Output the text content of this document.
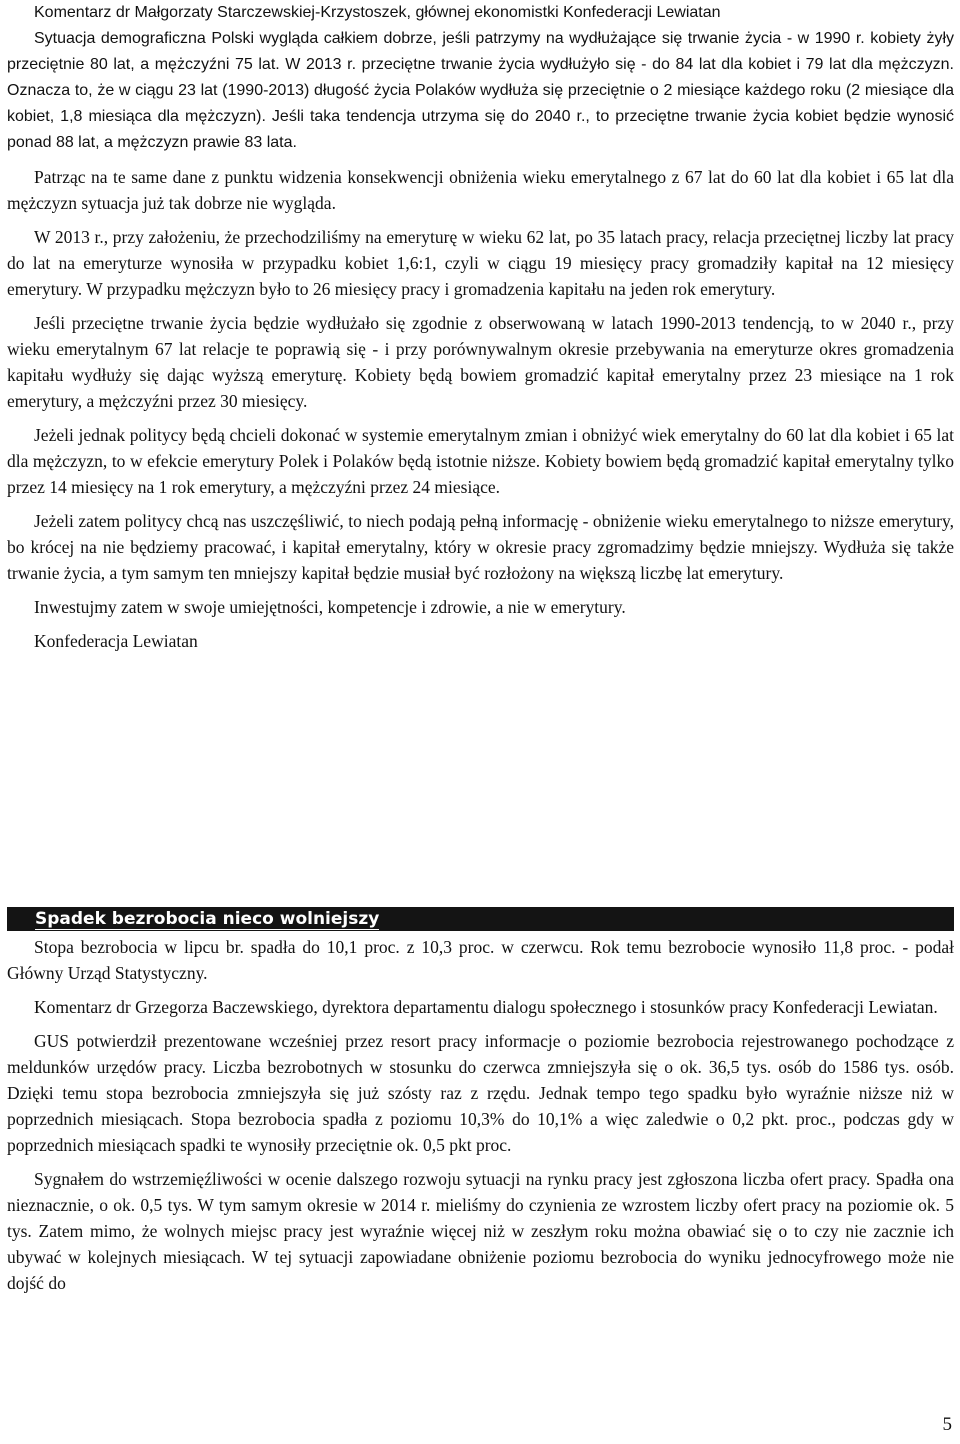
Komentarz dr Małgorzaty Starczewskiej-Krzystoszek, głównej ekonomistki Konfederacji Lewiatan

Sytuacja demograficzna Polski wygląda całkiem dobrze, jeśli patrzymy na wydłużające się trwanie życia - w 1990 r. kobiety żyły przeciętnie 80 lat, a mężczyźni 75 lat. W 2013 r. przeciętne trwanie życia wydłużyło się - do 84 lat dla kobiet i 79 lat dla mężczyzn. Oznacza to, że w ciągu 23 lat (1990-2013) długość życia Polaków wydłuża się przeciętnie o 2 miesiące każdego roku (2 miesiące dla kobiet, 1,8 miesiąca dla mężczyzn). Jeśli taka tendencja utrzyma się do 2040 r., to przeciętne trwanie życia kobiet będzie wynosić ponad 88 lat, a mężczyzn prawie 83 lata.

Patrząc na te same dane z punktu widzenia konsekwencji obniżenia wieku emerytalnego z 67 lat do 60 lat dla kobiet i 65 lat dla mężczyzn sytuacja już tak dobrze nie wygląda.

W 2013 r., przy założeniu, że przechodziliśmy na emeryturę w wieku 62 lat, po 35 latach pracy, relacja przeciętnej liczby lat pracy do lat na emeryturze wynosiła w przypadku kobiet 1,6:1, czyli w ciągu 19 miesięcy pracy gromadziły kapitał na 12 miesięcy emerytury. W przypadku mężczyzn było to 26 miesięcy pracy i gromadzenia kapitału na jeden rok emerytury.

Jeśli przeciętne trwanie życia będzie wydłużało się zgodnie z obserwowaną w latach 1990-2013 tendencją, to w 2040 r., przy wieku emerytalnym 67 lat relacje te poprawią się - i przy porównywalnym okresie przebywania na emeryturze okres gromadzenia kapitału wydłuży się dając wyższą emeryturę. Kobiety będą bowiem gromadzić kapitał emerytalny przez 23 miesiące na 1 rok emerytury, a mężczyźni przez 30 miesięcy.

Jeżeli jednak politycy będą chcieli dokonać w systemie emerytalnym zmian i obniżyć wiek emerytalny do 60 lat dla kobiet i 65 lat dla mężczyzn, to w efekcie emerytury Polek i Polaków będą istotnie niższe. Kobiety bowiem będą gromadzić kapitał emerytalny tylko przez 14 miesięcy na 1 rok emerytury, a mężczyźni przez 24 miesiące.

Jeżeli zatem politycy chcą nas uszczęśliwić, to niech podają pełną informację - obniżenie wieku emerytalnego to niższe emerytury, bo krócej na nie będziemy pracować, i kapitał emerytalny, który w okresie pracy zgromadzimy będzie mniejszy. Wydłuża się także trwanie życia, a tym samym ten mniejszy kapitał będzie musiał być rozłożony na większą liczbę lat emerytury.

Inwestujmy zatem w swoje umiejętności, kompetencje i zdrowie, a nie w emerytury.

Konfederacja Lewiatan

Spadek bezrobocia nieco wolniejszy

Stopa bezrobocia w lipcu br. spadła do 10,1 proc. z 10,3 proc. w czerwcu. Rok temu bezrobocie wynosiło 11,8 proc. - podał Główny Urząd Statystyczny.

Komentarz dr Grzegorza Baczewskiego, dyrektora departamentu dialogu społecznego i stosunków pracy Konfederacji Lewiatan.

GUS potwierdził prezentowane wcześniej przez resort pracy informacje o poziomie bezrobocia rejestrowanego pochodzące z meldunków urzędów pracy. Liczba bezrobotnych w stosunku do czerwca zmniejszyła się o ok. 36,5 tys. osób do 1586 tys. osób. Dzięki temu stopa bezrobocia zmniejszyła się już szósty raz z rzędu. Jednak tempo tego spadku było wyraźnie niższe niż w poprzednich miesiącach. Stopa bezrobocia spadła z poziomu 10,3% do 10,1% a więc zaledwie o 0,2 pkt. proc., podczas gdy w poprzednich miesiącach spadki te wynosiły przeciętnie ok. 0,5 pkt proc.

Sygnałem do wstrzemięźliwości w ocenie dalszego rozwoju sytuacji na rynku pracy jest zgłoszona liczba ofert pracy. Spadła ona nieznacznie, o ok. 0,5 tys. W tym samym okresie w 2014 r. mieliśmy do czynienia ze wzrostem liczby ofert pracy na poziomie ok. 5 tys. Zatem mimo, że wolnych miejsc pracy jest wyraźnie więcej niż w zeszłym roku można obawiać się o to czy nie zacznie ich ubywać w kolejnych miesiącach. W tej sytuacji zapowiadane obniżenie poziomu bezrobocia do wyniku jednocyfrowego może nie dojść do

5
